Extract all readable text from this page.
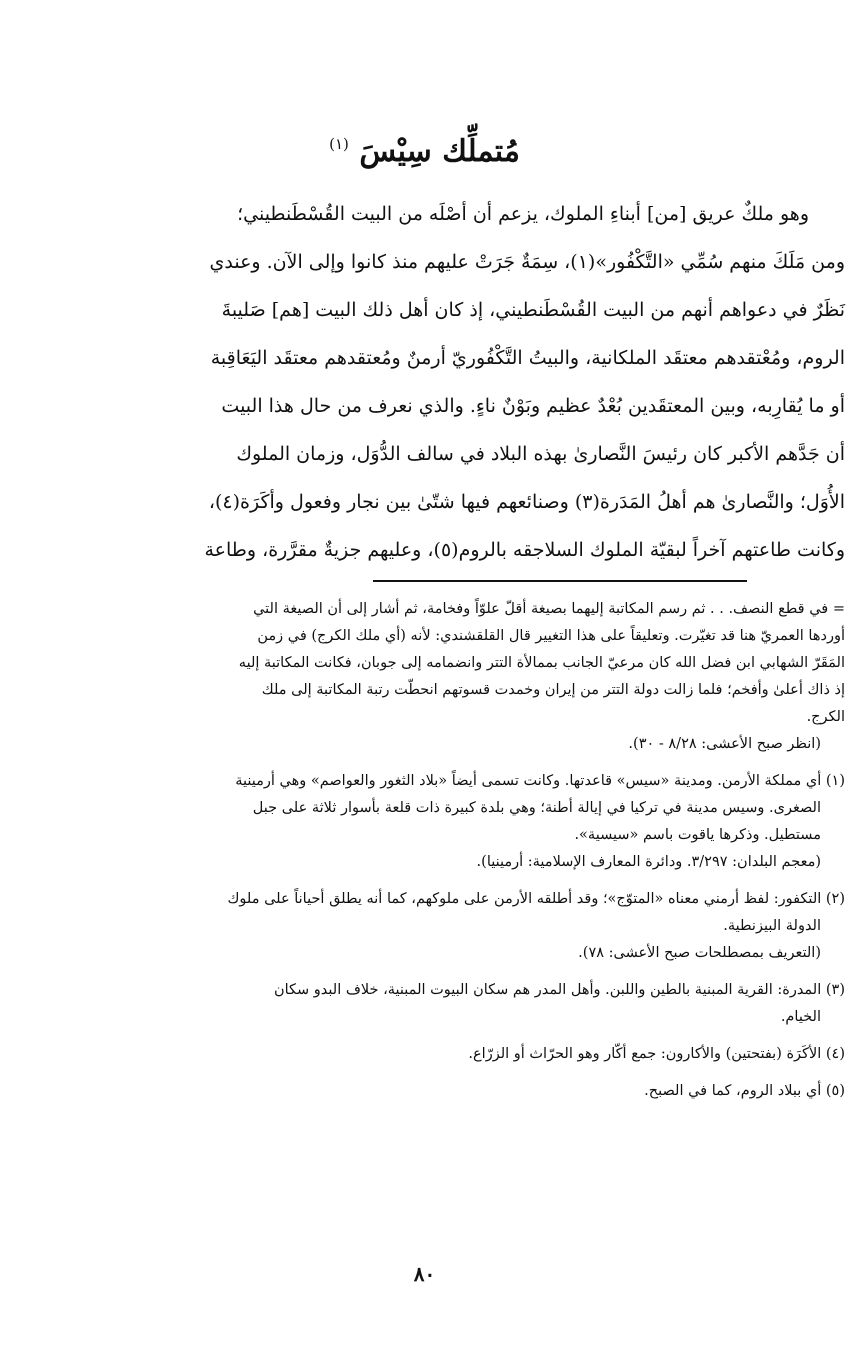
مُتملِّك سِيْسَ $^{(١)}$
وهو ملكٌ عريق [من] أبناءِ الملوك، يزعم أن أصْلَه من البيت القُسْطَنطيني؛
ومن مَلَكَ منهم سُمِّي «التَّكْفُور»(١)، سِمَةٌ جَرَتْ عليهم منذ كانوا وإلى الآن. وعندي
نَظَرٌ في دعواهم أنهم من البيت القُسْطَنطيني، إذ كان أهل ذلك البيت [هم] صَليبةَ
الروم، ومُعْتقدهم معتقَد الملكانية، والبيتُ التَّكْفُوريّ أرمنٌ ومُعتقدهم معتقَد اليَعَاقِبة
أو ما يُقارِبه، وبين المعتقَدين بُعْدٌ عظيم وبَوْنٌ ناءٍ. والذي نعرف من حال هذا البيت
أن جَدَّهم الأكبر كان رئيسَ النَّصارىٰ بهذه البلاد في سالف الدُّوَل، وزمان الملوك
الأُوَل؛ والنَّصارىٰ هم أهلُ المَدَرة(٣) وصنائعهم فيها شتّىٰ بين نجار وفعول وأكَرَة(٤)،
وكانت طاعتهم آخراً لبقيّة الملوك السلاجقه بالروم(٥)، وعليهم جزيةٌ مقرَّرة، وطاعة
= في قطع النصف. . . ثم رسم المكاتبة إليهما بصيغة أقلّ علوّاً وفخامة، ثم أشار إلى أن الصيغة التي
أوردها العمريّ هنا قد تغيّرت. وتعليقاً على هذا التغيير قال القلقشندي: لأنه (أي ملك الكرج) في زمن
المَقَرّ الشهابي ابن فضل الله كان مرعيّ الجانب بممالأة التتر وانضمامه إلى جوبان، فكانت المكاتبة إليه
إذ ذاك أعلىٰ وأفخم؛ فلما زالت دولة التتر من إيران وخمدت قسوتهم انحطّت رتبة المكاتبة إلى ملك
الكرج.
(انظر صبح الأعشى: ٨/٢٨ - ٣٠).
(١) أي مملكة الأرمن. ومدينة «سيس» قاعدتها. وكانت تسمى أيضاً «بلاد الثغور والعواصم» وهي أرمينية
الصغرى. وسيس مدينة في تركيا في إيالة أطنة؛ وهي بلدة كبيرة ذات قلعة بأسوار ثلاثة على جبل
مستطيل. وذكرها ياقوت باسم «سيسية».
(معجم البلدان: ٣/٢٩٧. ودائرة المعارف الإسلامية: أرمينيا).
(٢) التكفور: لفظ أرمني معناه «المتوّج»؛ وقد أطلقه الأرمن على ملوكهم، كما أنه يطلق أحياناً على ملوك
الدولة البيزنطية.
(التعريف بمصطلحات صبح الأعشى: ٧٨).
(٣) المدرة: القرية المبنية بالطين واللبن. وأهل المدر هم سكان البيوت المبنية، خلاف البدو سكان
الخيام.
(٤) الأكَرَة (بفتحتين) والأكارون: جمع أكّار وهو الحرّاث أو الزرّاع.
(٥) أي ببلاد الروم، كما في الصبح.
٨٠
